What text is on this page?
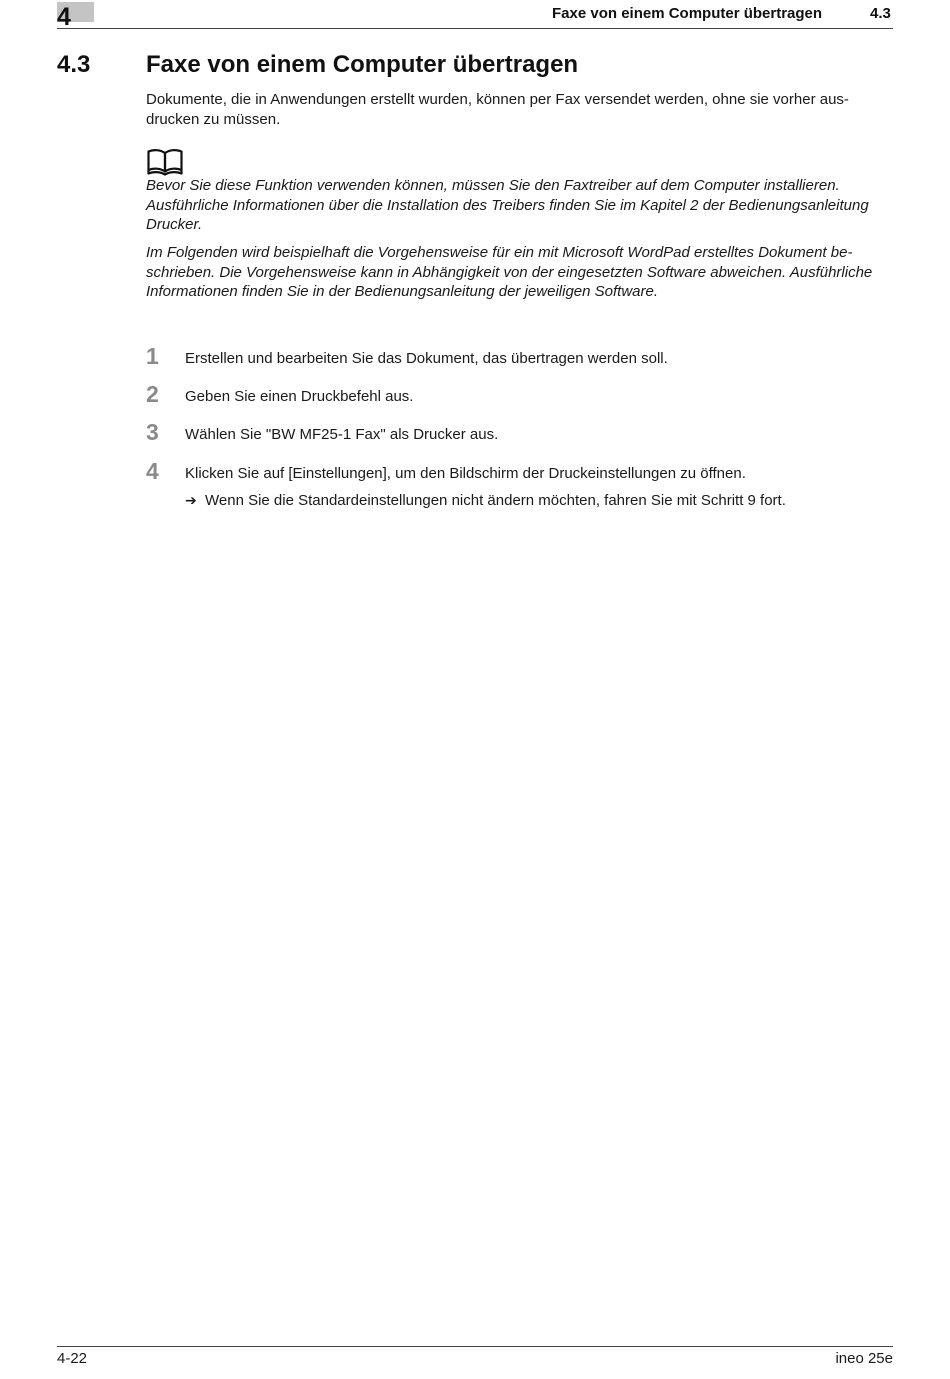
4	Faxe von einem Computer übertragen	4.3
4.3 Faxe von einem Computer übertragen

Dokumente, die in Anwendungen erstellt wurden, können per Fax versendet werden, ohne sie vorher aus-
drucken zu müssen.

Bevor Sie diese Funktion verwenden können, müssen Sie den Faxtreiber auf dem Computer installieren.
Ausführliche Informationen über die Installation des Treibers finden Sie im Kapitel 2 der Bedienungsanleitung
Drucker.

Im Folgenden wird beispielhaft die Vorgehensweise für ein mit Microsoft WordPad erstelltes Dokument be-
schrieben. Die Vorgehensweise kann in Abhängigkeit von der eingesetzten Software abweichen. Ausführliche
Informationen finden Sie in der Bedienungsanleitung der jeweiligen Software.

1 Erstellen und bearbeiten Sie das Dokument, das übertragen werden soll.
2 Geben Sie einen Druckbefehl aus.
3 Wählen Sie "BW MF25-1 Fax" als Drucker aus.
4 Klicken Sie auf [Einstellungen], um den Bildschirm der Druckeinstellungen zu öffnen.
➔ Wenn Sie die Standardeinstellungen nicht ändern möchten, fahren Sie mit Schritt 9 fort.
4-22	ineo 25e
